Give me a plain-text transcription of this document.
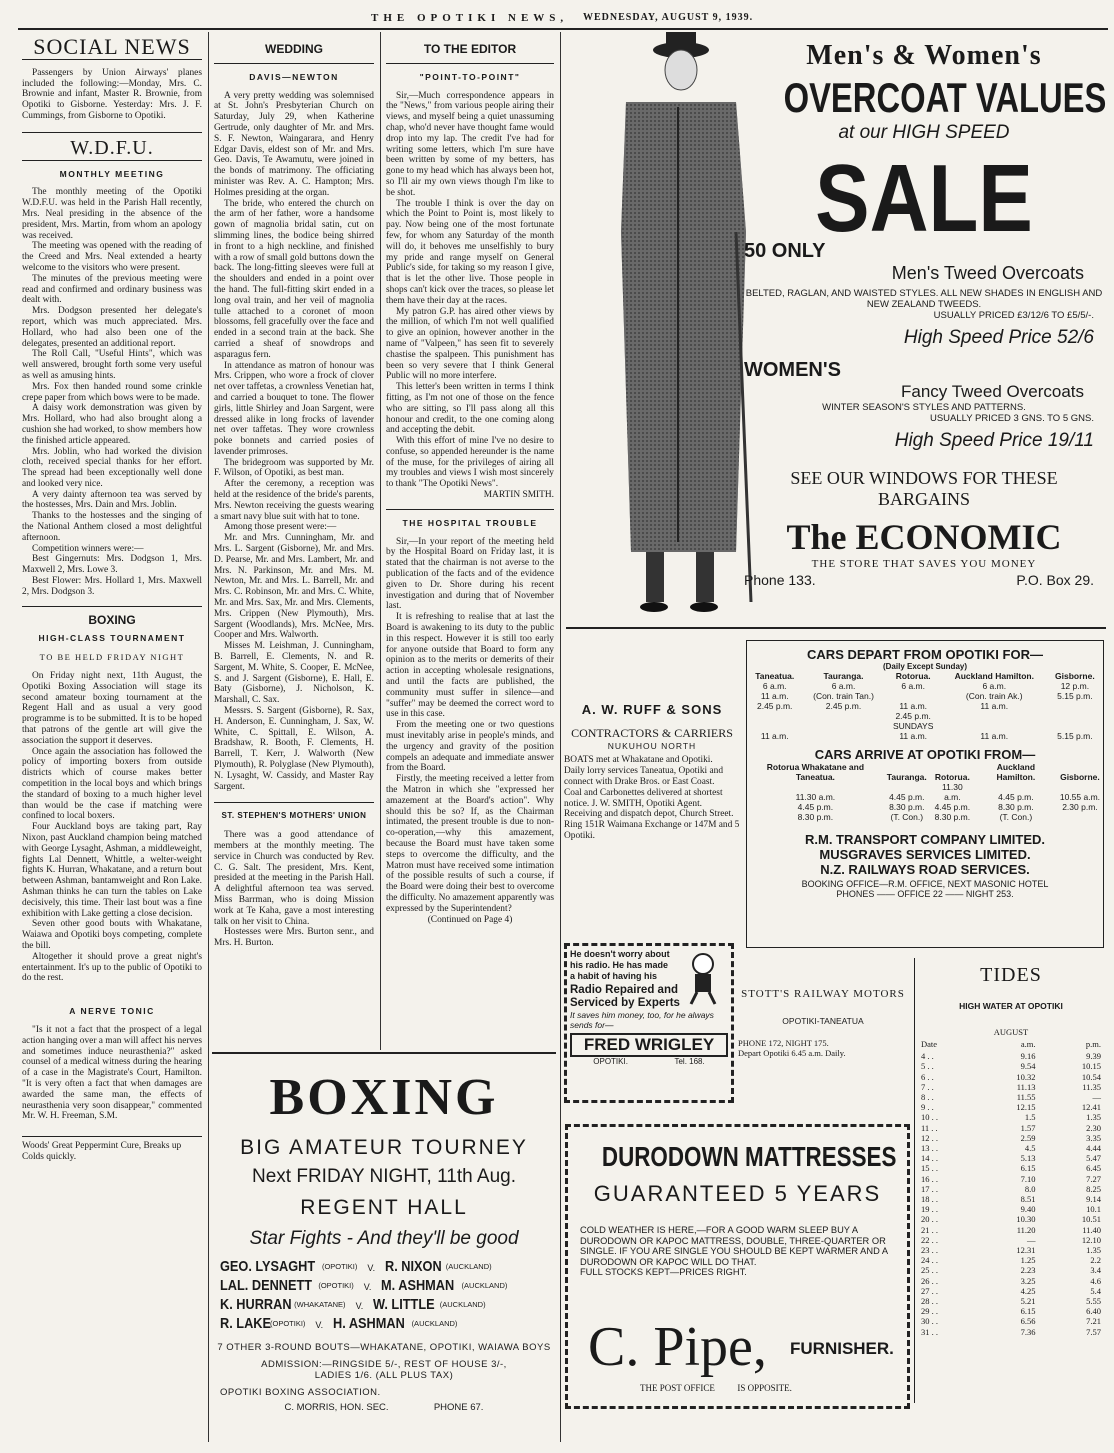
THE OPOTIKI NEWS, WEDNESDAY, AUGUST 9, 1939.
SOCIAL NEWS

Passengers by Union Airways' planes included the following:—Monday, Mrs. C. Brownie and infant, Master R. Brownie, from Opotiki to Gisborne. Yesterday: Mrs. J. F. Cummings, from Gisborne to Opotiki.

W.D.F.U.
MONTHLY MEETING

The monthly meeting of the Opotiki W.D.F.U. was held in the Parish Hall recently, Mrs. Neal presiding in the absence of the president, Mrs. Martin, from whom an apology was received.

The meeting was opened with the reading of the Creed and Mrs. Neal extended a hearty welcome to the visitors who were present.

The minutes of the previous meeting were read and confirmed and ordinary business was dealt with.

Mrs. Dodgson presented her delegate's report, which was much appreciated. Mrs. Hollard, who had also been one of the delegates, presented an additional report.

The Roll Call, "Useful Hints", which was well answered, brought forth some very useful as well as amusing hints.

Mrs. Fox then handed round some crinkle crepe paper from which bows were to be made.

A daisy work demonstration was given by Mrs. Hollard, who had also brought along a cushion she had worked, to show members how the finished article appeared.

Mrs. Joblin, who had worked the division cloth, received special thanks for her effort. The spread had been exceptionally well done and looked very nice.

A very dainty afternoon tea was served by the hostesses, Mrs. Dain and Mrs. Joblin.

Thanks to the hostesses and the singing of the National Anthem closed a most delightful afternoon.

Competition winners were:—

Best Gingernuts: Mrs. Dodgson 1, Mrs. Maxwell 2, Mrs. Lowe 3.

Best Flower: Mrs. Hollard 1, Mrs. Maxwell 2, Mrs. Dodgson 3.

BOXING
HIGH-CLASS TOURNAMENT
TO BE HELD FRIDAY NIGHT

On Friday night next, 11th August, the Opotiki Boxing Association will stage its second amateur boxing tournament at the Regent Hall and as usual a very good programme is to be submitted. It is to be hoped that patrons of the gentle art will give the association the support it deserves.

Once again the association has followed the policy of importing boxers from outside districts which of course makes better competition in the local boys and which brings the standard of boxing to a much higher level than would be the case if matching were confined to local boxers.

Four Auckland boys are taking part, Ray Nixon, past Auckland champion being matched with George Lysaght, Ashman, a middleweight, fights Lal Dennett, Whittle, a welter-weight fights K. Hurran, Whakatane, and a return bout between Ashman, bantamweight and Ron Lake. Ashman thinks he can turn the tables on Lake decisively, this time. Their last bout was a fine exhibition with Lake getting a close decision.

Seven other good bouts with Whakatane, Waiawa and Opotiki boys competing, complete the bill.

Altogether it should prove a great night's entertainment. It's up to the public of Opotiki to do the rest.

A NERVE TONIC

"Is it not a fact that the prospect of a legal action hanging over a man will affect his nerves and sometimes induce neurasthenia?" asked counsel of a medical witness during the hearing of a case in the Magistrate's Court, Hamilton. "It is very often a fact that when damages are awarded the same man, the effects of neurasthenia very soon disappear," commented Mr. W. H. Freeman, S.M.

Woods' Great Peppermint Cure, Breaks up Colds quickly.
WEDDING
DAVIS—NEWTON

A very pretty wedding was solemnised at St. John's Presbyterian Church on Saturday, July 29, when Katherine Gertrude, only daughter of Mr. and Mrs. S. F. Newton, Waingarara, and Henry Edgar Davis, eldest son of Mr. and Mrs. Geo. Davis, Te Awamutu, were joined in the bonds of matrimony. The officiating minister was Rev. A. C. Hampton; Mrs. Holmes presiding at the organ.

The bride, who entered the church on the arm of her father, wore a handsome gown of magnolia bridal satin, cut on slimming lines, the bodice being shirred in front to a high neckline, and finished with a row of small gold buttons down the back. The long-fitting sleeves were full at the shoulders and ended in a point over the hand. The full-fitting skirt ended in a long oval train, and her veil of magnolia tulle attached to a coronet of moon blossoms, fell gracefully over the face and ended in a second train at the back. She carried a sheaf of snowdrops and asparagus fern.

In attendance as matron of honour was Mrs. Crippen, who wore a frock of clover net over taffetas, a crownless Venetian hat, and carried a bouquet to tone. The flower girls, little Shirley and Joan Sargent, were dressed alike in long frocks of lavender net over taffetas. They wore crownless poke bonnets and carried posies of lavender primroses.

The bridegroom was supported by Mr. F. Wilson, of Opotiki, as best man.

After the ceremony, a reception was held at the residence of the bride's parents, Mrs. Newton receiving the guests wearing a smart navy blue suit with hat to tone.

Among those present were:—

Mr. and Mrs. Cunningham, Mr. and Mrs. L. Sargent (Gisborne), Mr. and Mrs. D. Pearse, Mr. and Mrs. Lambert, Mr. and Mrs. N. Parkinson, Mr. and Mrs. M. Newton, Mr. and Mrs. L. Barrell, Mr. and Mrs. C. Robinson, Mr. and Mrs. C. White, Mr. and Mrs. Sax, Mr. and Mrs. Clements, Mrs. Crippen (New Plymouth), Mrs. Sargent (Woodlands), Mrs. McNee, Mrs. Cooper and Mrs. Walworth.

Misses M. Leishman, J. Cunningham, B. Barrell, E. Clements, N. and R. Sargent, M. White, S. Cooper, E. McNee, S. and J. Sargent (Gisborne), E. Hall, E. Baty (Gisborne), J. Nicholson, K. Marshall, C. Sax.

Messrs. S. Sargent (Gisborne), R. Sax, H. Anderson, E. Cunningham, J. Sax, W. White, C. Spittall, E. Wilson, A. Bradshaw, R. Booth, F. Clements, H. Barrell, T. Kerr, J. Walworth (New Plymouth), R. Polyglase (New Plymouth), N. Lysaght, W. Cassidy, and Master Ray Sargent.

ST. STEPHEN'S MOTHERS' UNION

There was a good attendance of members at the monthly meeting. The service in Church was conducted by Rev. C. G. Salt. The president, Mrs. Kent, presided at the meeting in the Parish Hall. A delightful afternoon tea was served. Miss Barrman, who is doing Mission work at Te Kaha, gave a most interesting talk on her visit to China.

Hostesses were Mrs. Burton senr., and Mrs. H. Burton.

TO THE EDITOR
"POINT-TO-POINT"

Sir,—Much correspondence appears in the "News," from various people airing their views, and myself being a quiet unassuming chap, who'd never have thought fame would drop into my lap. The credit I've had for writing some letters, which I'm sure have been written by some of my betters, has gone to my head which has always been hot, so I'll air my own views though I'm like to be shot.

The trouble I think is over the day on which the Point to Point is, most likely to pay. Now being one of the most fortunate few, for whom any Saturday of the month will do, it behoves me unselfishly to bury my pride and range myself on General Public's side, for taking so my reason I give, that is let the other live. Those people in shops can't kick over the traces, so please let them have their day at the races.

My patron G.P. has aired other views by the million, of which I'm not well qualified to give an opinion, however another in the name of "Valpeen," has seen fit to severely chastise the spalpeen. This punishment has been so very severe that I think General Public will no more interfere.

This letter's been written in terms I think fitting, as I'm not one of those on the fence who are sitting, so I'll pass along all this honour and credit, to the one coming along and accepting the debit.

With this effort of mine I've no desire to confuse, so appended hereunder is the name of the muse, for the privileges of airing all my troubles and views I wish most sincerely to thank "The Opotiki News".

MARTIN SMITH.

THE HOSPITAL TROUBLE

Sir,—In your report of the meeting held by the Hospital Board on Friday last, it is stated that the chairman is not averse to the publication of the facts and of the evidence given to Dr. Shore during his recent investigation and during that of November last.

It is refreshing to realise that at last the Board is awakening to its duty to the public in this respect. However it is still too early for anyone outside that Board to form any opinion as to the merits or demerits of their action in accepting wholesale resignations, and until the facts are published, the community must suffer in silence—and "suffer" may be deemed the correct word to use in this case.

From the meeting one or two questions must inevitably arise in people's minds, and the urgency and gravity of the position compels an adequate and immediate answer from the Board.

Firstly, the meeting received a letter from the Matron in which she "expressed her amazement at the Board's action". Why should this be so? If, as the Chairman intimated, the present trouble is due to non-co-operation,—why this amazement, because the Board must have taken some steps to overcome the difficulty, and the Matron must have received some intimation of the possible results of such a course, if the Board were doing their best to overcome the difficulty. No amazement apparently was expressed by the Superintendent?

(Continued on Page 4)

BOXING
BIG AMATEUR TOURNEY
Next FRIDAY NIGHT, 11th Aug.
REGENT HALL
Star Fights - And they'll be good
GEO. LYSAGHT $^{(OPOTIKI)}$ V. R. NIXON $^{(AUCKLAND)}$
LAL. DENNETT $^{(OPOTIKI)}$ V. M. ASHMAN $^{(AUCKLAND)}$
K. HURRAN $^{(WHAKATANE)}$ V. W. LITTLE $^{(AUCKLAND)}$
R. $LAKE^{(OPOTIKI)}$ V. H. ASHMAN $^{(AUCKLAND)}$
7 OTHER 3-ROUND BOUTS—WHAKATANE, OPOTIKI, WAIAWA BOYS
ADMISSION:—RINGSIDE 5/-, REST OF HOUSE 3/-, LADIES 1/6. (ALL PLUS TAX)
OPOTIKI BOXING ASSOCIATION.
C. MORRIS, HON. SEC.	PHONE 67.
Men's & Women's
OVERCOAT VALUES
at our HIGH SPEED
SALE
50 ONLY
Men's Tweed Overcoats
BELTED, RAGLAN, AND WAISTED STYLES. ALL NEW SHADES IN ENGLISH AND NEW ZEALAND TWEEDS.
USUALLY PRICED £3/12/6 TO £5/5/-.
High Speed Price 52/6
WOMEN'S
Fancy Tweed Overcoats
WINTER SEASON'S STYLES AND PATTERNS.
USUALLY PRICED 3 GNS. TO 5 GNS.
High Speed Price 19/11
SEE OUR WINDOWS FOR THESE BARGAINS
The ECONOMIC
THE STORE THAT SAVES YOU MONEY
Phone 133.	P.O. Box 29.
A. W. RUFF & SONS
CONTRACTORS & CARRIERS
NUKUHOU NORTH
BOATS met at Whakatane and Opotiki.
Daily lorry services Taneatua, Opotiki and connect with Drake Bros. or East Coast.
Coal and Carbonettes delivered at shortest notice. J. W. SMITH, Opotiki Agent. Receiving and dispatch depot, Church Street.
Ring 151R Waimana Exchange or 147M and 5 Opotiki.
CARS DEPART FROM OPOTIKI FOR—
(Daily Except Sunday)
Taneatua.	Tauranga.	Rotorua.	Auckland Hamilton.	Gisborne.
6 a.m.	6 a.m.	6 a.m.	6 a.m.	12 p.m.
11 a.m.	(Con. train Tan.)		(Con. train Ak.)	5.15 p.m.
2.45 p.m.	2.45 p.m.	11 a.m.	11 a.m.	
		2.45 p.m.		
		SUNDAYS		
11 a.m.		11 a.m.	11 a.m.	5.15 p.m.
CARS ARRIVE AT OPOTIKI FROM—
Rotorua Whakatane and Taneatua.	Tauranga.	Rotorua.	Auckland Hamilton.	Gisborne.
11.30 a.m.	4.45 p.m.	11.30 a.m.	4.45 p.m.	10.55 a.m.
4.45 p.m.	8.30 p.m.	4.45 p.m.	8.30 p.m.	2.30 p.m.
8.30 p.m.	(T. Con.)	8.30 p.m.	(T. Con.)	
R.M. TRANSPORT COMPANY LIMITED.
MUSGRAVES SERVICES LIMITED.
N.Z. RAILWAYS ROAD SERVICES.
BOOKING OFFICE—R.M. OFFICE, NEXT MASONIC HOTEL
PHONES —— OFFICE 22 —— NIGHT 253.
He doesn't worry about his radio. He has made a habit of having his
Radio Repaired and Serviced by Experts
It saves him money, too, for he always sends for—
FRED WRIGLEY
OPOTIKI.	Tel. 168.
STOTT'S RAILWAY MOTORS
OPOTIKI-TANEATUA
PHONE 172, NIGHT 175.
Depart Opotiki 6.45 a.m. Daily.
TIDES
HIGH WATER AT OPOTIKI
AUGUST
Date	a.m.	p.m.
4 . .	9.16	9.39
5 . .	9.54	10.15
6 . .	10.32	10.54
7 . .	11.13	11.35
8 . .	11.55	—
9 . .	12.15	12.41
10 . .	1.5	1.35
11 . .	1.57	2.30
12 . .	2.59	3.35
13 . .	4.5	4.44
14 . .	5.13	5.47
15 . .	6.15	6.45
16 . .	7.10	7.27
17 . .	8.0	8.25
18 . .	8.51	9.14
19 . .	9.40	10.1
20 . .	10.30	10.51
21 . .	11.20	11.40
22 . .	—	12.10
23 . .	12.31	1.35
24 . .	1.25	2.2
25 . .	2.23	3.4
26 . .	3.25	4.6
27 . .	4.25	5.4
28 . .	5.21	5.55
29 . .	6.15	6.40
30 . .	6.56	7.21
31 . .	7.36	7.57
DURODOWN MATTRESSES
GUARANTEED 5 YEARS
COLD WEATHER IS HERE,—FOR A GOOD WARM SLEEP BUY A DURODOWN OR KAPOC MATTRESS, DOUBLE, THREE-QUARTER OR SINGLE. IF YOU ARE SINGLE YOU SHOULD BE KEPT WARMER AND A DURODOWN OR KAPOC WILL DO THAT.
FULL STOCKS KEPT—PRICES RIGHT.
C. Pipe, FURNISHER.
THE POST OFFICE	IS OPPOSITE.
